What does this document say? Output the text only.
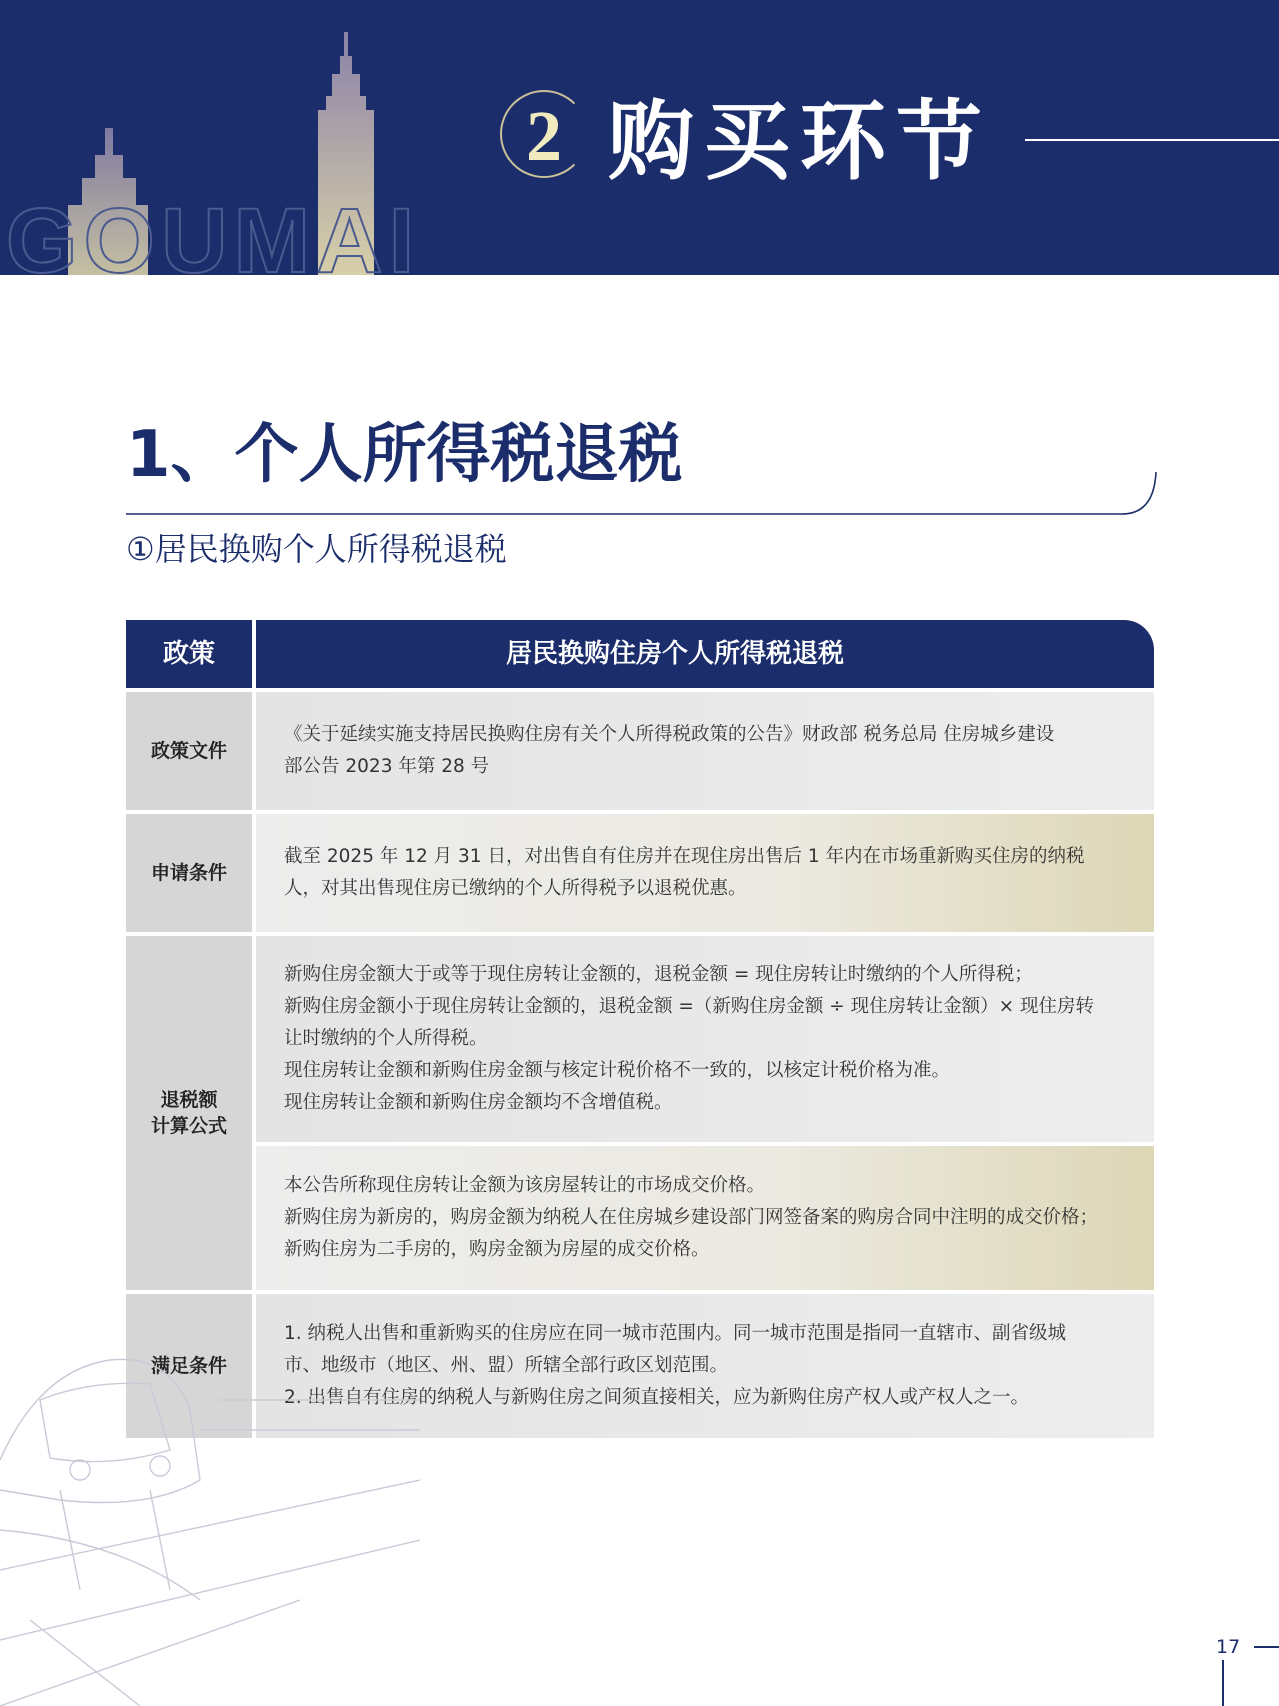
GOUMAI
2 购买环节
1、个人所得税退税
①居民换购个人所得税退税
政策	居民换购住房个人所得税退税
政策文件

《关于延续实施支持居民换购住房有关个人所得税政策的公告》财政部 税务总局 住房城乡建设

部公告 2023 年第 28 号

申请条件

截至 2025 年 12 月 31 日，对出售自有住房并在现住房出售后 1 年内在市场重新购买住房的纳税

人，对其出售现住房已缴纳的个人所得税予以退税优惠。

退税额
计算公式

新购住房金额大于或等于现住房转让金额的，退税金额 = 现住房转让时缴纳的个人所得税；

新购住房金额小于现住房转让金额的，退税金额 =（新购住房金额 ÷ 现住房转让金额）× 现住房转

让时缴纳的个人所得税。

现住房转让金额和新购住房金额与核定计税价格不一致的，以核定计税价格为准。

现住房转让金额和新购住房金额均不含增值税。

本公告所称现住房转让金额为该房屋转让的市场成交价格。

新购住房为新房的，购房金额为纳税人在住房城乡建设部门网签备案的购房合同中注明的成交价格；

新购住房为二手房的，购房金额为房屋的成交价格。

满足条件

1. 纳税人出售和重新购买的住房应在同一城市范围内。同一城市范围是指同一直辖市、副省级城

市、地级市（地区、州、盟）所辖全部行政区划范围。

2. 出售自有住房的纳税人与新购住房之间须直接相关，应为新购住房产权人或产权人之一。

17
